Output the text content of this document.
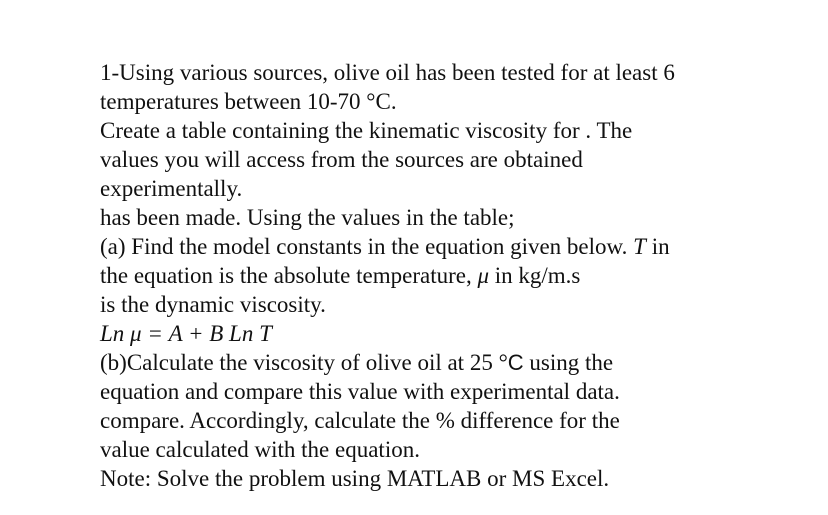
1-Using various sources, olive oil has been tested for at least 6
temperatures between 10-70 °C.
Create a table containing the kinematic viscosity for . The
values you will access from the sources are obtained
experimentally.
has been made. Using the values in the table;
(a) Find the model constants in the equation given below. T in
the equation is the absolute temperature, μ in kg/m.s
is the dynamic viscosity.
Ln μ = A + B Ln T
(b)Calculate the viscosity of olive oil at 25 °C using the
equation and compare this value with experimental data.
compare. Accordingly, calculate the % difference for the
value calculated with the equation.
Note: Solve the problem using MATLAB or MS Excel.
